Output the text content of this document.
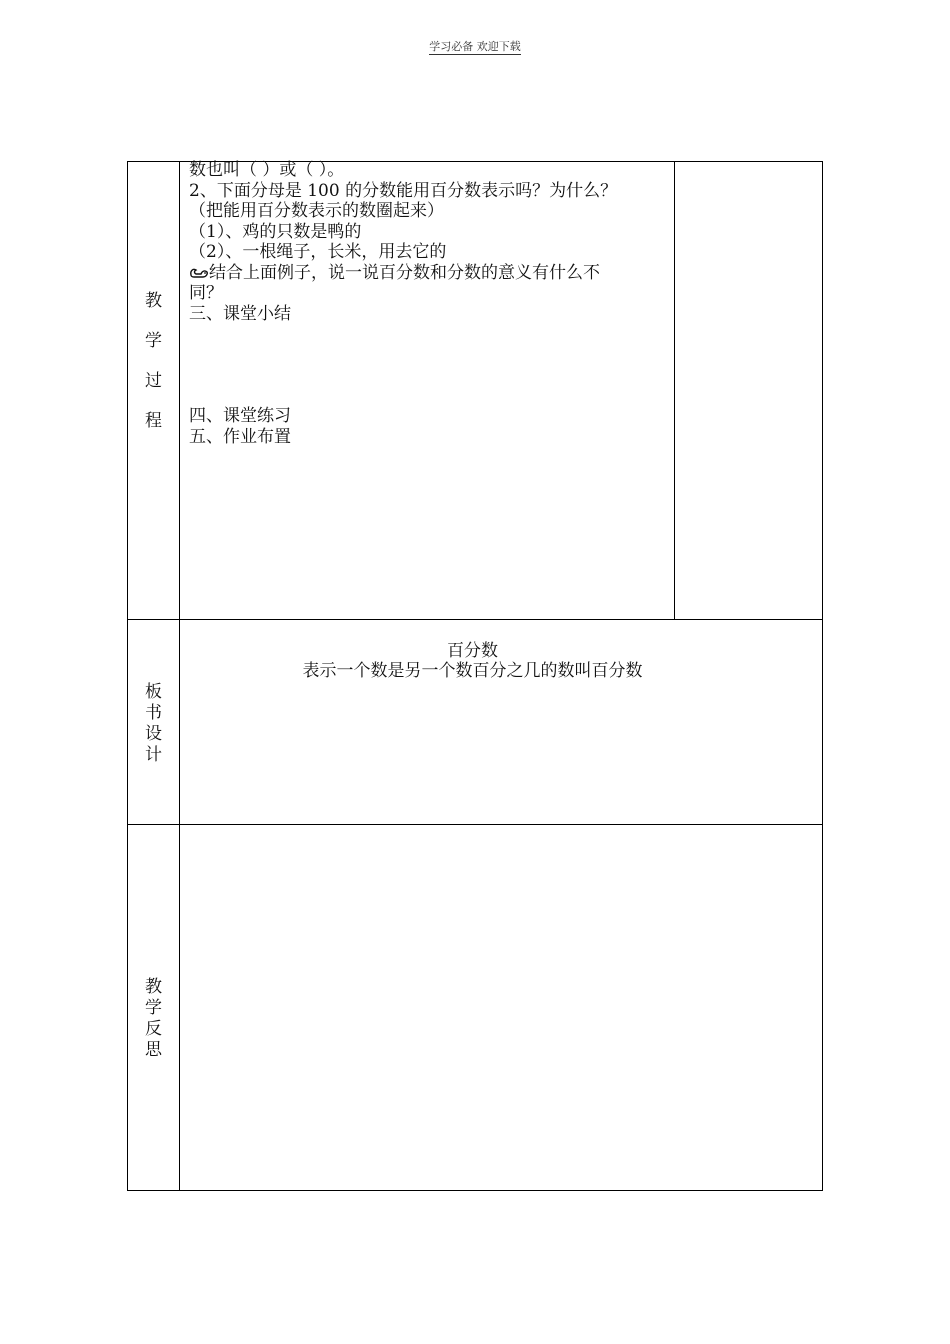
学习必备 欢迎下载
教
学
过
程
数也叫（ ）或（ ）。
2、下面分母是 100 的分数能用百分数表示吗？为什么？
（把能用百分数表示的数圈起来）
（1）、鸡的只数是鸭的
（2）、一根绳子，长米，用去它的
结合上面例子，说一说百分数和分数的意义有什么不
同？
三、课堂小结

四、课堂练习
五、作业布置
板
书
设
计
百分数
表示一个数是另一个数百分之几的数叫百分数
教
学
反
思
